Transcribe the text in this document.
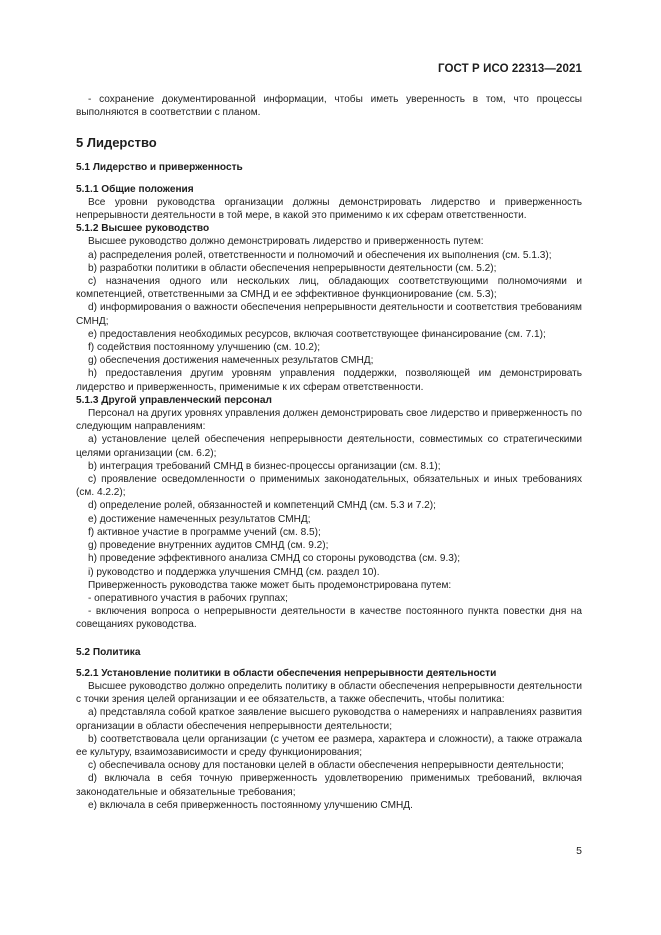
ГОСТ Р ИСО 22313—2021

- сохранение документированной информации, чтобы иметь уверенность в том, что процессы выполняются в соответствии с планом.

5 Лидерство
5.1 Лидерство и приверженность
5.1.1 Общие положения

Все уровни руководства организации должны демонстрировать лидерство и приверженность непрерывности деятельности в той мере, в какой это применимо к их сферам ответственности.

5.1.2 Высшее руководство

Высшее руководство должно демонстрировать лидерство и приверженность путем:

a) распределения ролей, ответственности и полномочий и обеспечения их выполнения (см. 5.1.3);

b) разработки политики в области обеспечения непрерывности деятельности (см. 5.2);

c) назначения одного или нескольких лиц, обладающих соответствующими полномочиями и компетенцией, ответственными за СМНД и ее эффективное функционирование (см. 5.3);

d) информирования о важности обеспечения непрерывности деятельности и соответствия требованиям СМНД;

e) предоставления необходимых ресурсов, включая соответствующее финансирование (см. 7.1);

f) содействия постоянному улучшению (см. 10.2);

g) обеспечения достижения намеченных результатов СМНД;

h) предоставления другим уровням управления поддержки, позволяющей им демонстрировать лидерство и приверженность, применимые к их сферам ответственности.

5.1.3 Другой управленческий персонал

Персонал на других уровнях управления должен демонстрировать свое лидерство и приверженность по следующим направлениям:

a) установление целей обеспечения непрерывности деятельности, совместимых со стратегическими целями организации (см. 6.2);

b) интеграция требований СМНД в бизнес-процессы организации (см. 8.1);

c) проявление осведомленности о применимых законодательных, обязательных и иных требованиях (см. 4.2.2);

d) определение ролей, обязанностей и компетенций СМНД (см. 5.3 и 7.2);

e) достижение намеченных результатов СМНД;

f) активное участие в программе учений (см. 8.5);

g) проведение внутренних аудитов СМНД (см. 9.2);

h) проведение эффективного анализа СМНД со стороны руководства (см. 9.3);

i) руководство и поддержка улучшения СМНД (см. раздел 10).

Приверженность руководства также может быть продемонстрирована путем:

- оперативного участия в рабочих группах;

- включения вопроса о непрерывности деятельности в качестве постоянного пункта повестки дня на совещаниях руководства.

5.2 Политика
5.2.1 Установление политики в области обеспечения непрерывности деятельности

Высшее руководство должно определить политику в области обеспечения непрерывности деятельности с точки зрения целей организации и ее обязательств, а также обеспечить, чтобы политика:

a) представляла собой краткое заявление высшего руководства о намерениях и направлениях развития организации в области обеспечения непрерывности деятельности;

b) соответствовала цели организации (с учетом ее размера, характера и сложности), а также отражала ее культуру, взаимозависимости и среду функционирования;

c) обеспечивала основу для постановки целей в области обеспечения непрерывности деятельности;

d) включала в себя точную приверженность удовлетворению применимых требований, включая законодательные и обязательные требования;

e) включала в себя приверженность постоянному улучшению СМНД.

5
